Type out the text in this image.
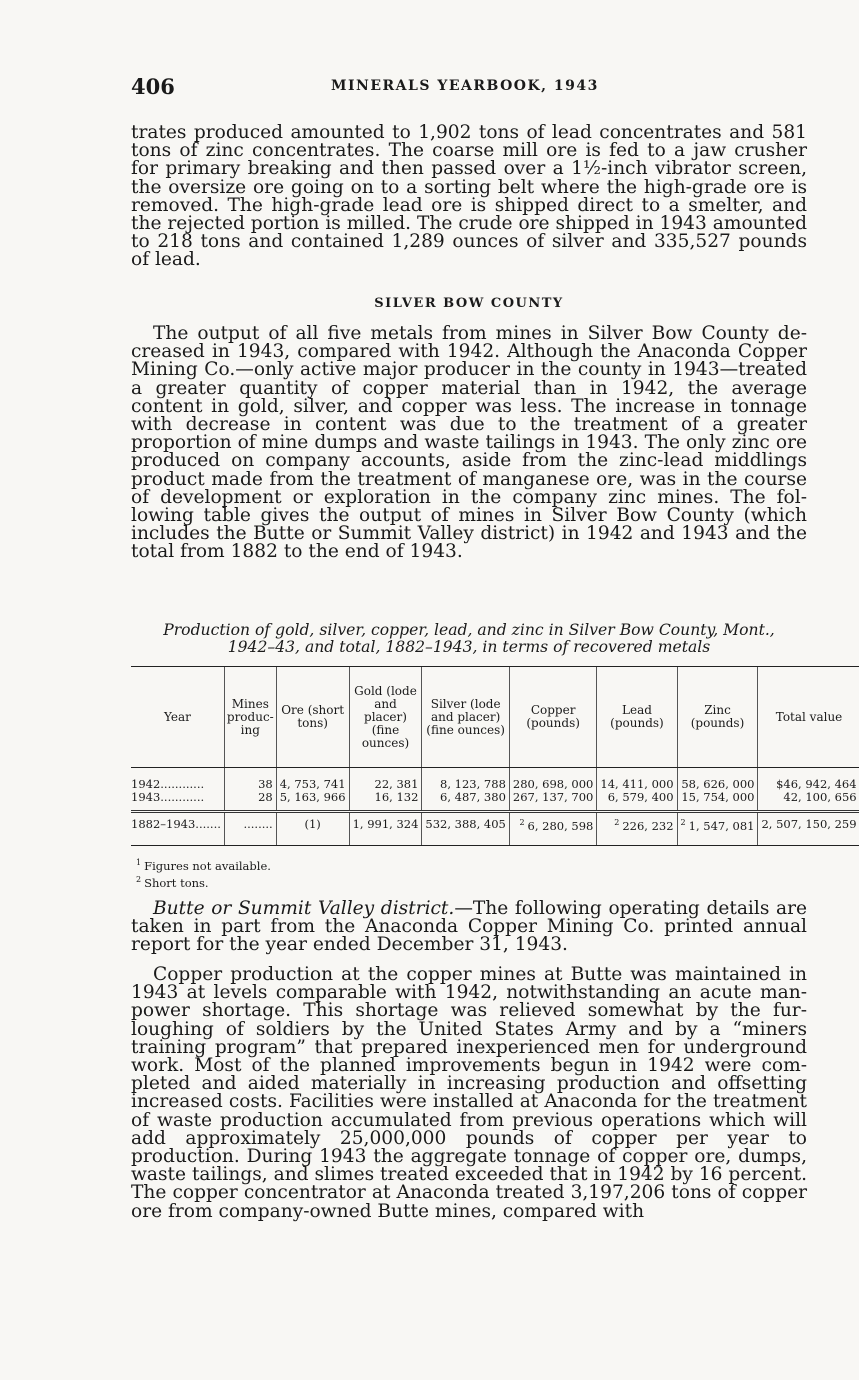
406	MINERALS YEARBOOK, 1943

trates produced amounted to 1,902 tons of lead concentrates and 581 tons of zinc concentrates. The coarse mill ore is fed to a jaw crusher for primary breaking and then passed over a 1½-inch vibrator screen, the oversize ore going on to a sorting belt where the high-grade ore is removed. The high-grade lead ore is shipped direct to a smelter, and the rejected portion is milled. The crude ore shipped in 1943 amounted to 218 tons and contained 1,289 ounces of silver and 335,527 pounds of lead.

SILVER BOW COUNTY

The output of all five metals from mines in Silver Bow County decreased in 1943, compared with 1942. Although the Anaconda Copper Mining Co.—only active major producer in the county in 1943—treated a greater quantity of copper material than in 1942, the average content in gold, silver, and copper was less. The increase in tonnage with decrease in content was due to the treatment of a greater proportion of mine dumps and waste tailings in 1943. The only zinc ore produced on company accounts, aside from the zinc-lead middlings product made from the treatment of manganese ore, was in the course of development or exploration in the company zinc mines. The following table gives the output of mines in Silver Bow County (which includes the Butte or Summit Valley district) in 1942 and 1943 and the total from 1882 to the end of 1943.

Production of gold, silver, copper, lead, and zinc in Silver Bow County, Mont.,
1942–43, and total, 1882–1943, in terms of recovered metals
Year	Mines produc-ing	Ore (short tons)	Gold (lode and placer) (fine ounces)	Silver (lode and placer) (fine ounces)	Copper (pounds)	Lead (pounds)	Zinc (pounds)	Total value
1942............	38	4, 753, 741	22, 381	8, 123, 788	280, 698, 000	14, 411, 000	58, 626, 000	$46, 942, 464
1943............	28	5, 163, 966	16, 132	6, 487, 380	267, 137, 700	6, 579, 400	15, 754, 000	42, 100, 656
1882–1943.......	........	(1)	1, 991, 324	532, 388, 405	$^2$ 6, 280, 598	$^2$ 226, 232	$^2$ 1, 547, 081	2, 507, 150, 259
$^1$ Figures not available.
$^2$ Short tons.

Butte or Summit Valley district.—The following operating details are taken in part from the Anaconda Copper Mining Co. printed annual report for the year ended December 31, 1943.

Copper production at the copper mines at Butte was maintained in 1943 at levels comparable with 1942, notwithstanding an acute manpower shortage. This shortage was relieved somewhat by the furloughing of soldiers by the United States Army and by a “miners training program” that prepared inexperienced men for underground work. Most of the planned improvements begun in 1942 were completed and aided materially in increasing production and offsetting increased costs. Facilities were installed at Anaconda for the treatment of waste production accumulated from previous operations which will add approximately 25,000,000 pounds of copper per year to production. During 1943 the aggregate tonnage of copper ore, dumps, waste tailings, and slimes treated exceeded that in 1942 by 16 percent. The copper concentrator at Anaconda treated 3,197,206 tons of copper ore from company-owned Butte mines, compared with
